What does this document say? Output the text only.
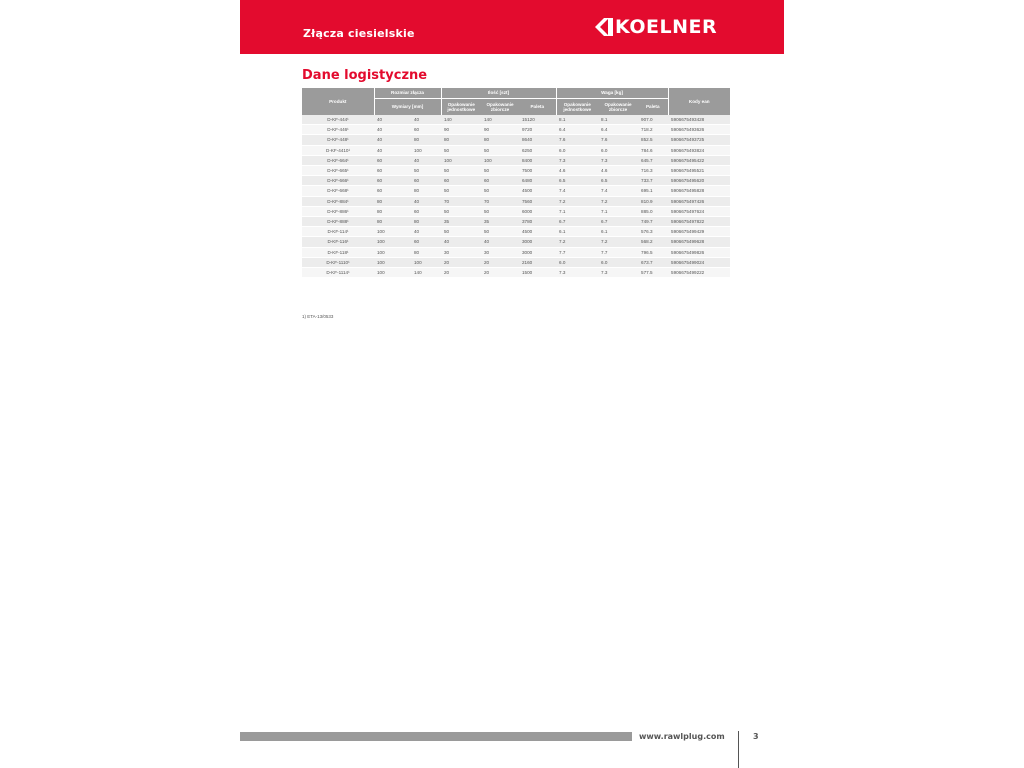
Złącza ciesielskie	KOELNER
Dane logistyczne
Produkt	Rozmiar złącza		Ilość [szt]			Waga [kg]			Kody ean
	Wymiary [mm]		Opakowanie jednostkowe	Opakowanie zbiorcze	Paleta	Opakowanie jednostkowe	Opakowanie zbiorcze	Paleta	
D-KF-444¹	40	40	140	140	15120	8.1	8.1	907.0	5906675493428
D-KF-446¹	40	60	90	90	9720	6.4	6.4	718.2	5906675493626
D-KF-448¹	40	80	80	80	8640	7.6	7.6	852.5	5906675493725
D-KF-4410¹	40	100	50	50	6250	6.0	6.0	784.6	5906675493824
D-KF-664¹	60	40	100	100	8400	7.3	7.3	645.7	5906675495422
D-KF-665¹	60	50	50	50	7500	4.6	4.6	716.3	5906675495521
D-KF-666¹	60	60	60	60	6480	6.5	6.5	733.7	5906675495620
D-KF-668¹	60	80	50	50	4500	7.4	7.4	695.1	5906675495828
D-KF-884¹	80	40	70	70	7560	7.2	7.2	810.9	5906675497426
D-KF-886¹	80	60	50	50	6000	7.1	7.1	885.0	5906675497624
D-KF-888¹	80	80	35	35	3780	6.7	6.7	749.7	5906675497822
D-KF-114¹	100	40	50	50	4500	6.1	6.1	576.3	5906675499429
D-KF-116¹	100	60	40	40	3000	7.2	7.2	568.2	5906675499628
D-KF-118¹	100	80	30	30	3000	7.7	7.7	796.5	5906675499826
D-KF-1110¹	100	100	20	20	2160	6.0	6.0	673.7	5906675499024
D-KF-1114¹	100	140	20	20	1500	7.3	7.3	577.5	5906675499222
1) ETA-13/0533
www.rawlplug.com	3
